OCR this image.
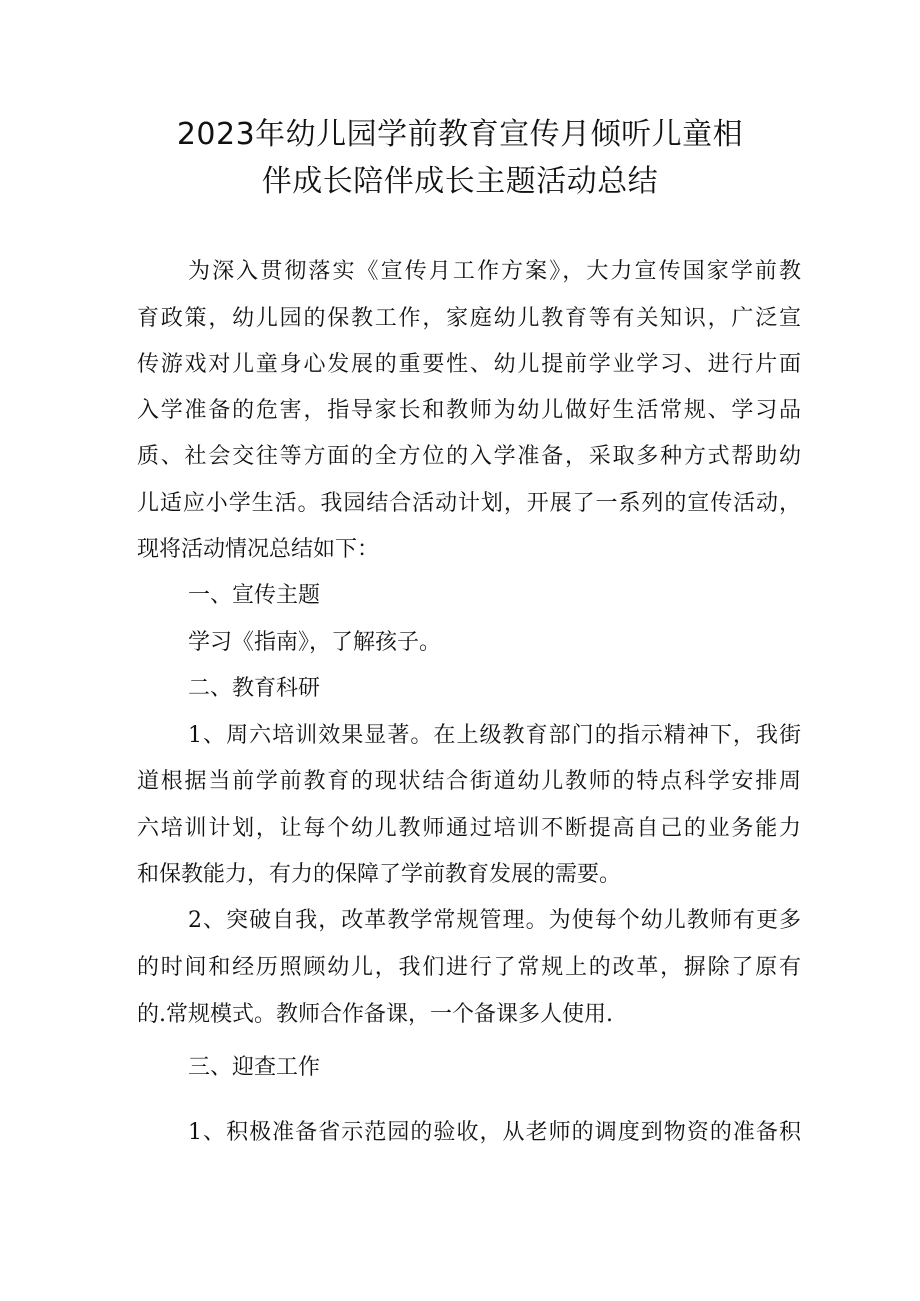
2023年幼儿园学前教育宣传月倾听儿童相
伴成长陪伴成长主题活动总结
为深入贯彻落实《宣传月工作方案》，大力宣传国家学前教
育政策，幼儿园的保教工作，家庭幼儿教育等有关知识，广泛宣
传游戏对儿童身心发展的重要性、幼儿提前学业学习、进行片面
入学准备的危害，指导家长和教师为幼儿做好生活常规、学习品
质、社会交往等方面的全方位的入学准备，采取多种方式帮助幼
儿适应小学生活。我园结合活动计划，开展了一系列的宣传活动，
现将活动情况总结如下：
一、宣传主题
学习《指南》，了解孩子。
二、教育科研
1、周六培训效果显著。在上级教育部门的指示精神下，我街
道根据当前学前教育的现状结合街道幼儿教师的特点科学安排周
六培训计划，让每个幼儿教师通过培训不断提高自己的业务能力
和保教能力，有力的保障了学前教育发展的需要。
2、突破自我，改革教学常规管理。为使每个幼儿教师有更多
的时间和经历照顾幼儿，我们进行了常规上的改革，摒除了原有
的.常规模式。教师合作备课，一个备课多人使用.
三、迎查工作
1、积极准备省示范园的验收，从老师的调度到物资的准备积
